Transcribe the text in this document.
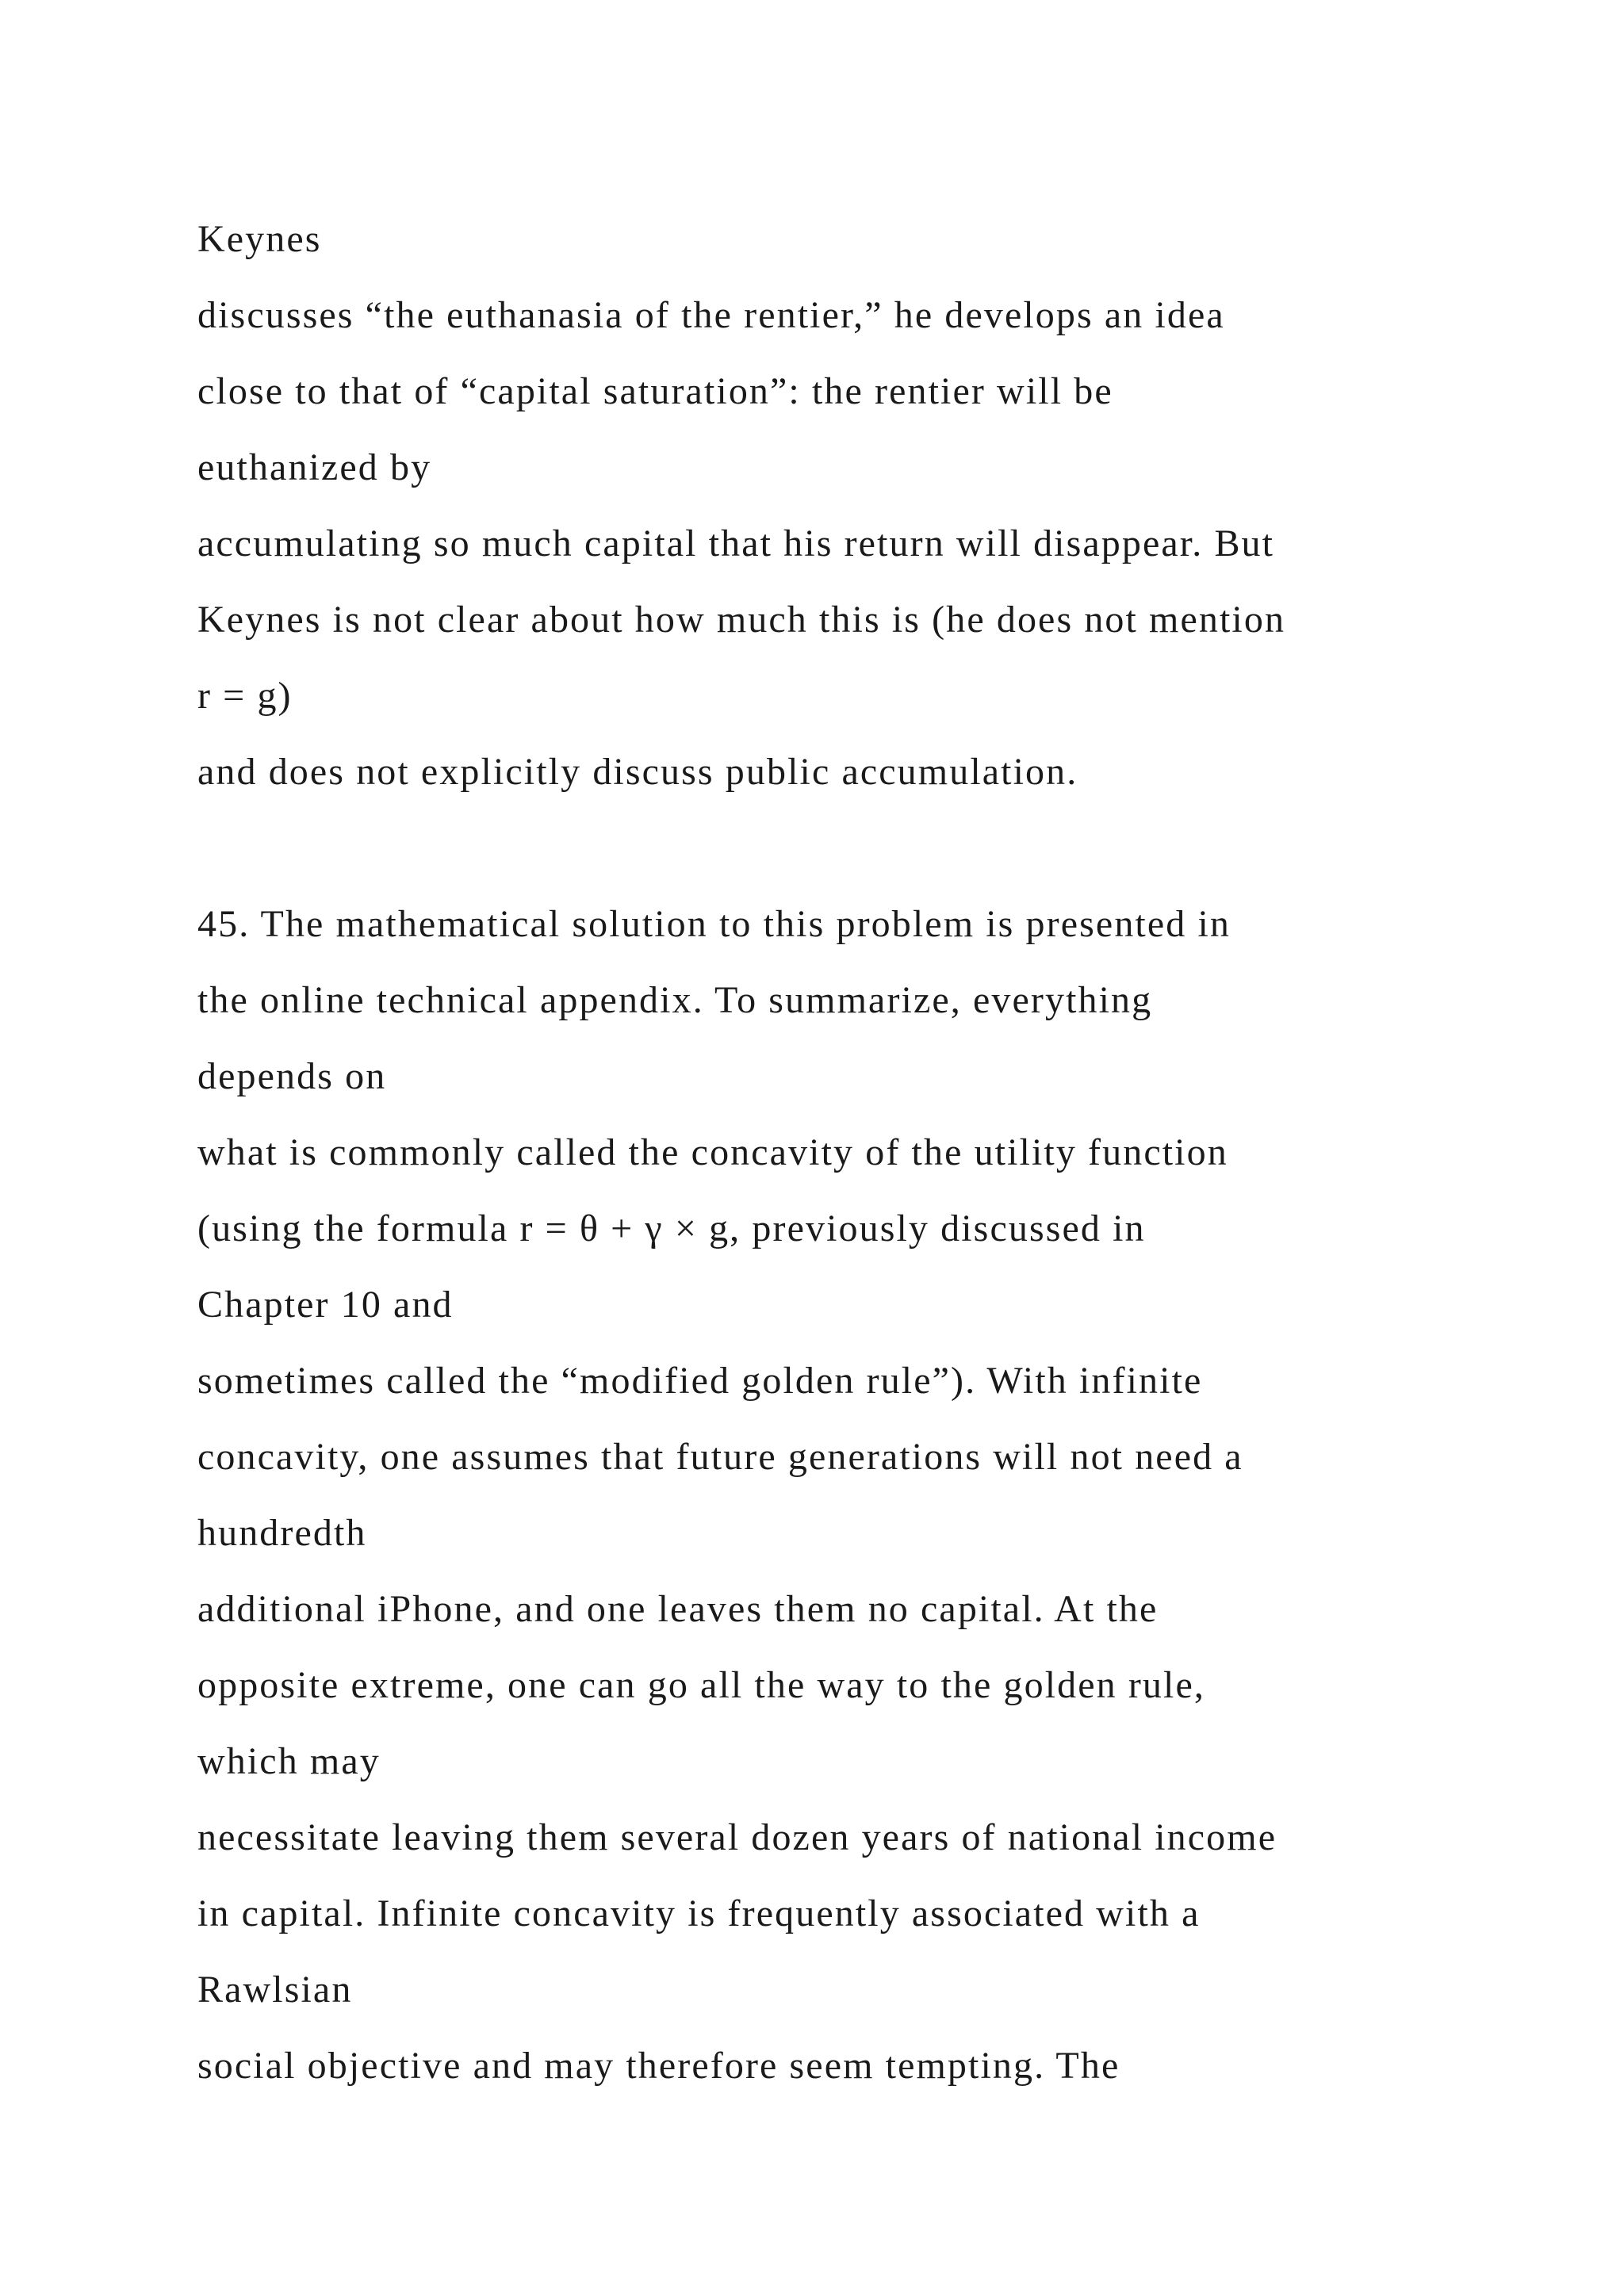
Keynes
discusses “the euthanasia of the rentier,” he develops an idea
close to that of “capital saturation”: the rentier will be
euthanized by
accumulating so much capital that his return will disappear. But
Keynes is not clear about how much this is (he does not mention
r = g)
and does not explicitly discuss public accumulation.
45. The mathematical solution to this problem is presented in
the online technical appendix. To summarize, everything
depends on
what is commonly called the concavity of the utility function
(using the formula r = θ + γ × g, previously discussed in
Chapter 10 and
sometimes called the “modified golden rule”). With infinite
concavity, one assumes that future generations will not need a
hundredth
additional iPhone, and one leaves them no capital. At the
opposite extreme, one can go all the way to the golden rule,
which may
necessitate leaving them several dozen years of national income
in capital. Infinite concavity is frequently associated with a
Rawlsian
social objective and may therefore seem tempting. The
